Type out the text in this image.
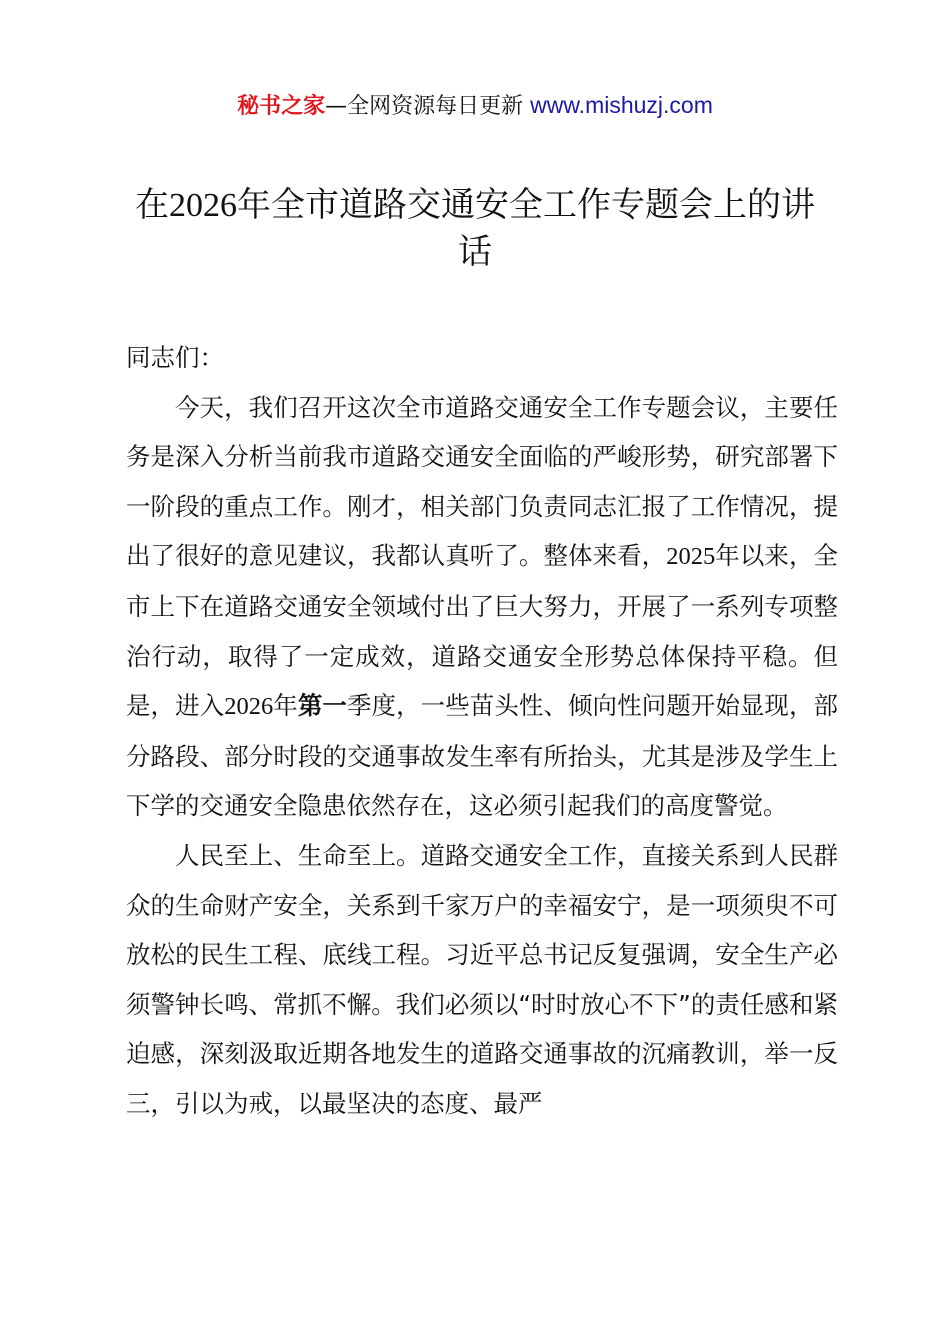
秘书之家—全网资源每日更新 www.mishuzj.com
在2026年全市道路交通安全工作专题会上的讲话

同志们：

今天，我们召开这次全市道路交通安全工作专题会议，主要任务是深入分析当前我市道路交通安全面临的严峻形势，研究部署下一阶段的重点工作。刚才，相关部门负责同志汇报了工作情况，提出了很好的意见建议，我都认真听了。整体来看，2025年以来，全市上下在道路交通安全领域付出了巨大努力，开展了一系列专项整治行动，取得了一定成效，道路交通安全形势总体保持平稳。但是，进入2026年第一季度，一些苗头性、倾向性问题开始显现，部分路段、部分时段的交通事故发生率有所抬头，尤其是涉及学生上下学的交通安全隐患依然存在，这必须引起我们的高度警觉。

人民至上、生命至上。道路交通安全工作，直接关系到人民群众的生命财产安全，关系到千家万户的幸福安宁，是一项须臾不可放松的民生工程、底线工程。习近平总书记反复强调，安全生产必须警钟长鸣、常抓不懈。我们必须以“时时放心不下”的责任感和紧迫感，深刻汲取近期各地发生的道路交通事故的沉痛教训，举一反三，引以为戒，以最坚决的态度、最严
